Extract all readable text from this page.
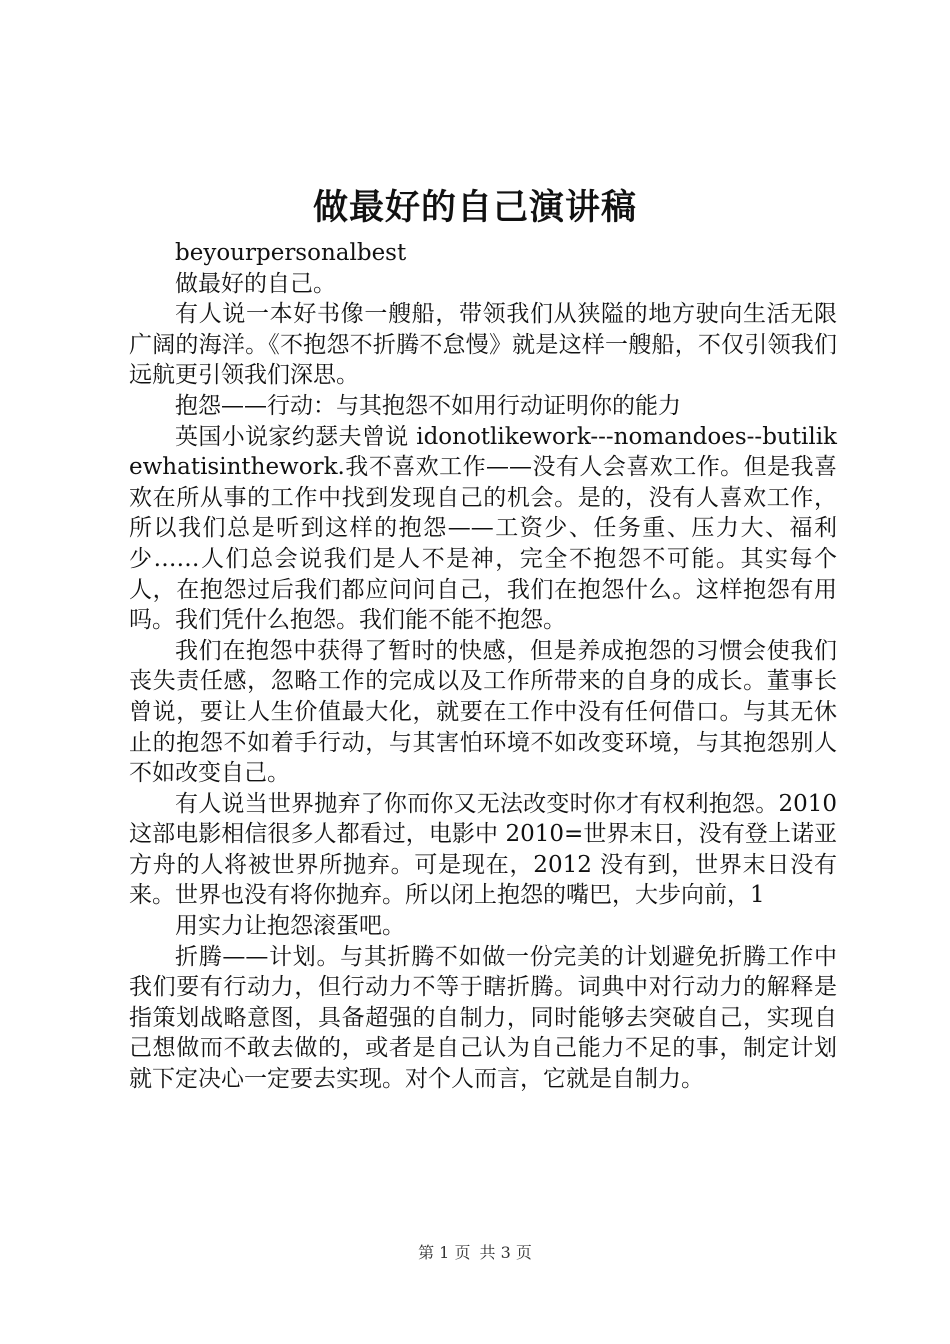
做最好的自己演讲稿

beyourpersonalbest

做最好的自己。

有人说一本好书像一艘船，带领我们从狭隘的地方驶向生活无限广阔的海洋。《不抱怨不折腾不怠慢》就是这样一艘船，不仅引领我们远航更引领我们深思。

抱怨——行动：与其抱怨不如用行动证明你的能力

英国小说家约瑟夫曾说 idonotlikework---nomandoes--butilikewhatisinthework.我不喜欢工作——没有人会喜欢工作。但是我喜欢在所从事的工作中找到发现自己的机会。是的，没有人喜欢工作，所以我们总是听到这样的抱怨——工资少、任务重、压力大、福利少……人们总会说我们是人不是神，完全不抱怨不可能。其实每个人，在抱怨过后我们都应问问自己，我们在抱怨什么。这样抱怨有用吗。我们凭什么抱怨。我们能不能不抱怨。

我们在抱怨中获得了暂时的快感，但是养成抱怨的习惯会使我们丧失责任感，忽略工作的完成以及工作所带来的自身的成长。董事长曾说，要让人生价值最大化，就要在工作中没有任何借口。与其无休止的抱怨不如着手行动，与其害怕环境不如改变环境，与其抱怨别人不如改变自己。

有人说当世界抛弃了你而你又无法改变时你才有权利抱怨。2010 这部电影相信很多人都看过，电影中 2010=世界末日，没有登上诺亚方舟的人将被世界所抛弃。可是现在，2012 没有到，世界末日没有来。世界也没有将你抛弃。所以闭上抱怨的嘴巴，大步向前，1

用实力让抱怨滚蛋吧。

折腾——计划。与其折腾不如做一份完美的计划避免折腾工作中我们要有行动力，但行动力不等于瞎折腾。词典中对行动力的解释是指策划战略意图，具备超强的自制力，同时能够去突破自己，实现自己想做而不敢去做的，或者是自己认为自己能力不足的事，制定计划就下定决心一定要去实现。对个人而言，它就是自制力。

第 1 页 共 3 页
